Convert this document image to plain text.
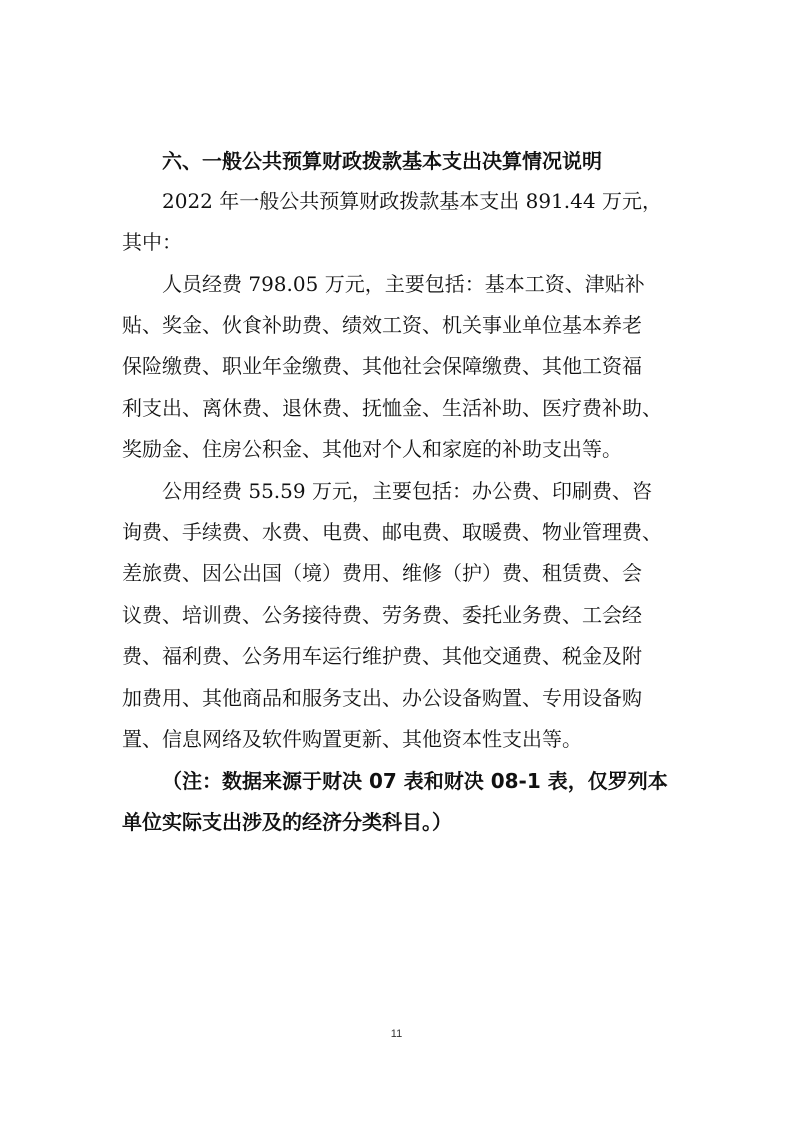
六、一般公共预算财政拨款基本支出决算情况说明
2022 年一般公共预算财政拨款基本支出 891.44 万元，
其中：
人员经费 798.05 万元，主要包括：基本工资、津贴补
贴、奖金、伙食补助费、绩效工资、机关事业单位基本养老
保险缴费、职业年金缴费、其他社会保障缴费、其他工资福
利支出、离休费、退休费、抚恤金、生活补助、医疗费补助、
奖励金、住房公积金、其他对个人和家庭的补助支出等。
公用经费 55.59 万元，主要包括：办公费、印刷费、咨
询费、手续费、水费、电费、邮电费、取暖费、物业管理费、
差旅费、因公出国（境）费用、维修（护）费、租赁费、会
议费、培训费、公务接待费、劳务费、委托业务费、工会经
费、福利费、公务用车运行维护费、其他交通费、税金及附
加费用、其他商品和服务支出、办公设备购置、专用设备购
置、信息网络及软件购置更新、其他资本性支出等。
（注：数据来源于财决 07 表和财决 08-1 表，仅罗列本
单位实际支出涉及的经济分类科目。）
11
